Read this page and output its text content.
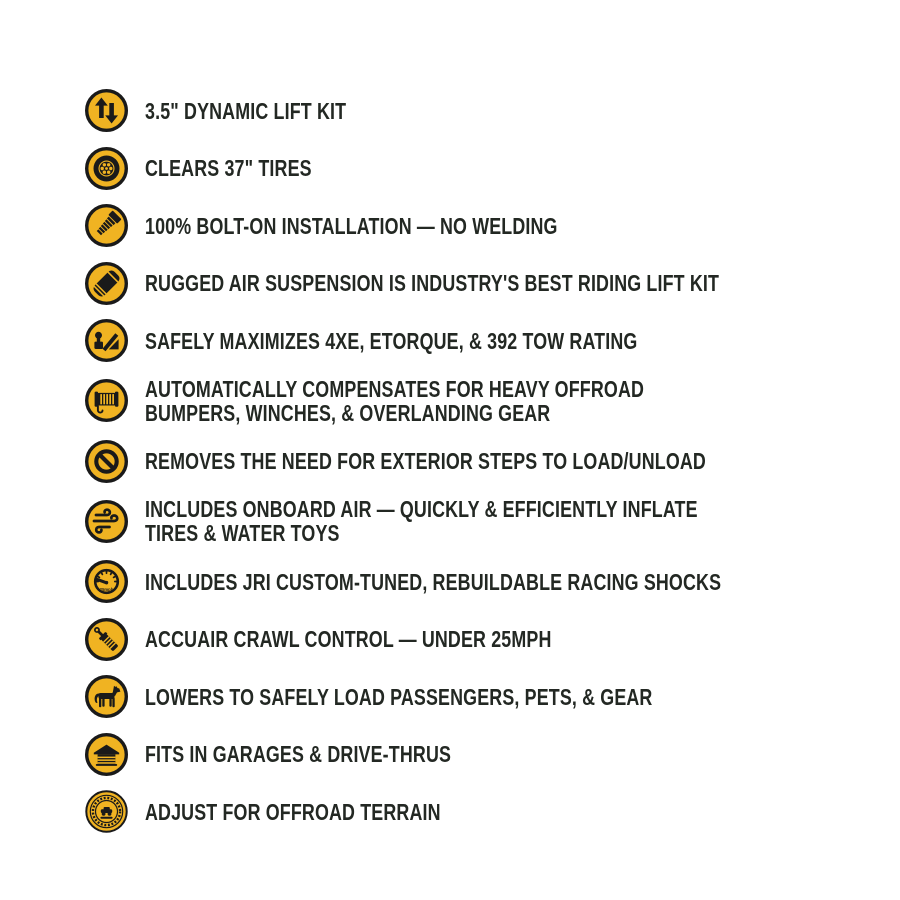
3.5" DYNAMIC LIFT KIT
CLEARS 37" TIRES
100% BOLT-ON INSTALLATION — NO WELDING
RUGGED AIR SUSPENSION IS INDUSTRY'S BEST RIDING LIFT KIT
SAFELY MAXIMIZES 4XE, ETORQUE, & 392 TOW RATING
AUTOMATICALLY COMPENSATES FOR HEAVY OFFROAD
BUMPERS, WINCHES, & OVERLANDING GEAR
REMOVES THE NEED FOR EXTERIOR STEPS TO LOAD/UNLOAD
INCLUDES ONBOARD AIR — QUICKLY & EFFICIENTLY INFLATE
TIRES & WATER TOYS
25mph INCLUDES JRI CUSTOM-TUNED, REBUILDABLE RACING SHOCKS
ACCUAIR CRAWL CONTROL — UNDER 25MPH
LOWERS TO SAFELY LOAD PASSENGERS, PETS, & GEAR
FITS IN GARAGES & DRIVE-THRUS
ADJUST FOR OFFROAD TERRAIN
